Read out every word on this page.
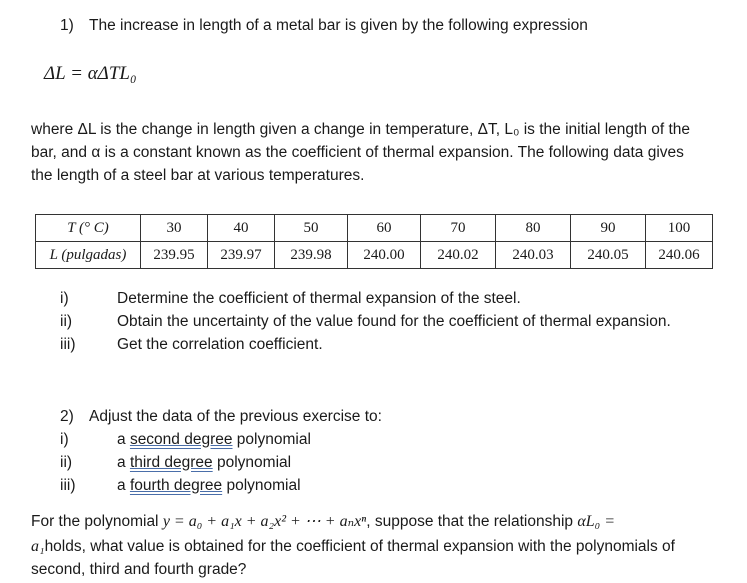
1) The increase in length of a metal bar is given by the following expression
ΔL = αΔTL₀
where ΔL is the change in length given a change in temperature, ΔT, L₀ is the initial length of the
bar, and α is a constant known as the coefficient of thermal expansion. The following data gives
the length of a steel bar at various temperatures.
T (° C)	30	40	50	60	70	80	90	100
L (pulgadas)	239.95	239.97	239.98	240.00	240.02	240.03	240.05	240.06
i)	Determine the coefficient of thermal expansion of the steel.
ii)	Obtain the uncertainty of the value found for the coefficient of thermal expansion.
iii)	Get the correlation coefficient.
2) Adjust the data of the previous exercise to:
i)	a second degree polynomial
ii)	a third degree polynomial
iii)	a fourth degree polynomial
For the polynomial y = a₀ + a₁x + a₂x² + ⋯ + aₙxⁿ, suppose that the relationship αL₀ =
a₁holds, what value is obtained for the coefficient of thermal expansion with the polynomials of
second, third and fourth grade?
